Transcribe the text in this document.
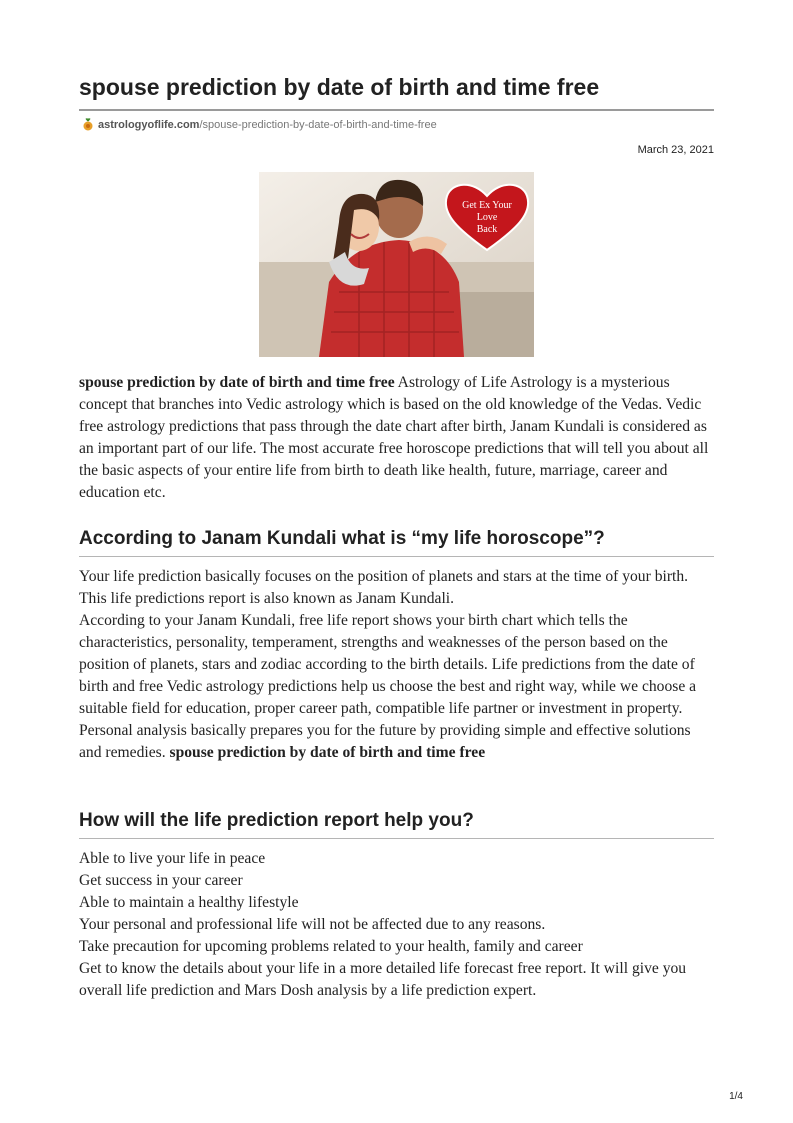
spouse prediction by date of birth and time free
astrologyoflife.com /spouse-prediction-by-date-of-birth-and-time-free
March 23, 2021
Get Ex Your
Love
Back

spouse prediction by date of birth and time free Astrology of Life Astrology is a mysterious concept that branches into Vedic astrology which is based on the old knowledge of the Vedas. Vedic free astrology predictions that pass through the date chart after birth, Janam Kundali is considered as an important part of our life. The most accurate free horoscope predictions that will tell you about all the basic aspects of your entire life from birth to death like health, future, marriage, career and education etc.

According to Janam Kundali what is “my life horoscope”?
Your life prediction basically focuses on the position of planets and stars at the time of your birth. This life predictions report is also known as Janam Kundali.
According to your Janam Kundali, free life report shows your birth chart which tells the characteristics, personality, temperament, strengths and weaknesses of the person based on the position of planets, stars and zodiac according to the birth details. Life predictions from the date of birth and free Vedic astrology predictions help us choose the best and right way, while we choose a suitable field for education, proper career path, compatible life partner or investment in property. Personal analysis basically prepares you for the future by providing simple and effective solutions and remedies. spouse prediction by date of birth and time free
How will the life prediction report help you?
Able to live your life in peace
Get success in your career
Able to maintain a healthy lifestyle
Your personal and professional life will not be affected due to any reasons.
Take precaution for upcoming problems related to your health, family and career
Get to know the details about your life in a more detailed life forecast free report. It will give you overall life prediction and Mars Dosh analysis by a life prediction expert.
1/4
